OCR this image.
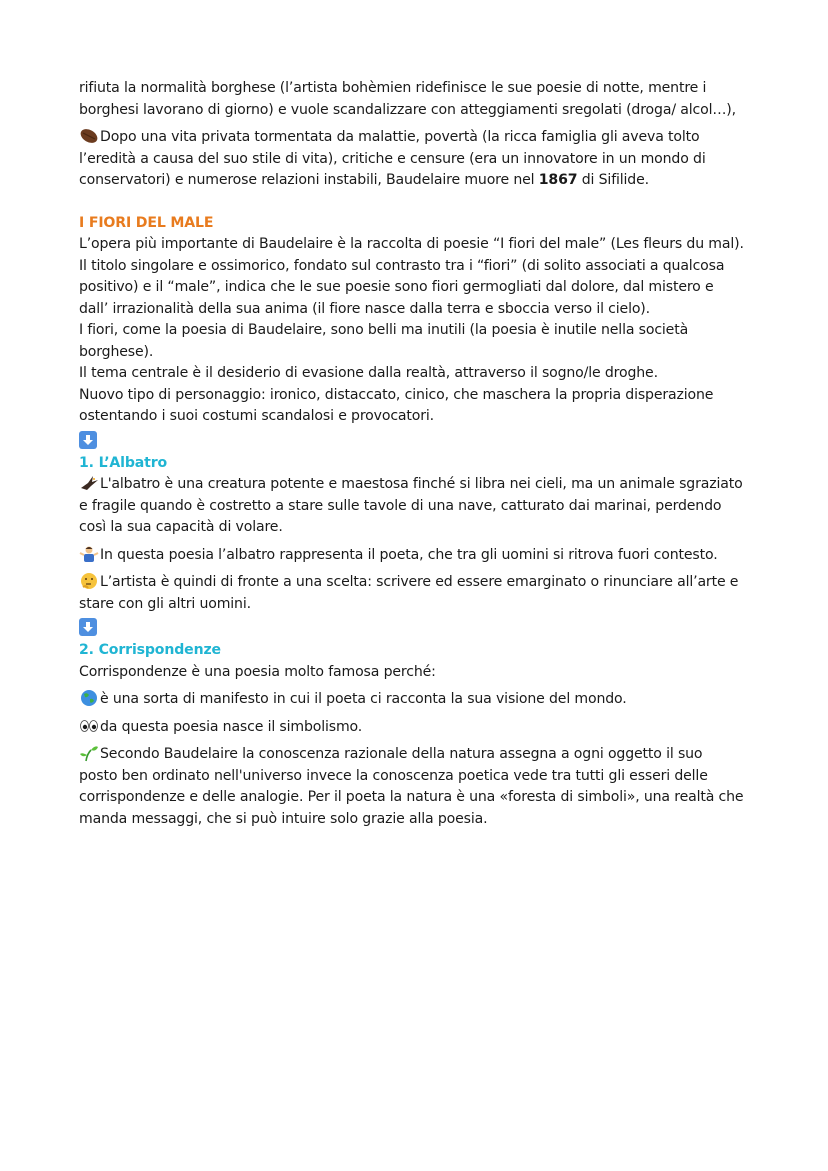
rifiuta la normalità borghese (l’artista bohèmien ridefinisce le sue poesie di notte, mentre i borghesi lavorano di giorno) e vuole scandalizzare con atteggiamenti sregolati (droga/ alcol…),

Dopo una vita privata tormentata da malattie, povertà (la ricca famiglia gli aveva tolto l’eredità a causa del suo stile di vita), critiche e censure (era un innovatore in un mondo di conservatori) e numerose relazioni instabili, Baudelaire muore nel 1867 di Sifilide.

I FIORI DEL MALE

L’opera più importante di Baudelaire è la raccolta di poesie “I fiori del male” (Les fleurs du mal).

Il titolo singolare e ossimorico, fondato sul contrasto tra i “fiori” (di solito associati a qualcosa positivo) e il “male”, indica che le sue poesie sono fiori germogliati dal dolore, dal mistero e dall’ irrazionalità della sua anima (il fiore nasce dalla terra e sboccia verso il cielo).

I fiori, come la poesia di Baudelaire, sono belli ma inutili (la poesia è inutile nella società borghese).

Il tema centrale è il desiderio di evasione dalla realtà, attraverso il sogno/le droghe.

Nuovo tipo di personaggio: ironico, distaccato, cinico, che maschera la propria disperazione ostentando i suoi costumi scandalosi e provocatori.

1. L’Albatro

L'albatro è una creatura potente e maestosa finché si libra nei cieli, ma un animale sgraziato e fragile quando è costretto a stare sulle tavole di una nave, catturato dai marinai, perdendo così la sua capacità di volare.

In questa poesia l’albatro rappresenta il poeta, che tra gli uomini si ritrova fuori contesto.

L’artista è quindi di fronte a una scelta: scrivere ed essere emarginato o rinunciare all’arte e stare con gli altri uomini.

2. Corrispondenze

Corrispondenze è una poesia molto famosa perché:

è una sorta di manifesto in cui il poeta ci racconta la sua visione del mondo.

da questa poesia nasce il simbolismo.

Secondo Baudelaire la conoscenza razionale della natura assegna a ogni oggetto il suo posto ben ordinato nell'universo invece la conoscenza poetica vede tra tutti gli esseri delle corrispondenze e delle analogie. Per il poeta la natura è una «foresta di simboli», una realtà che manda messaggi, che si può intuire solo grazie alla poesia.
